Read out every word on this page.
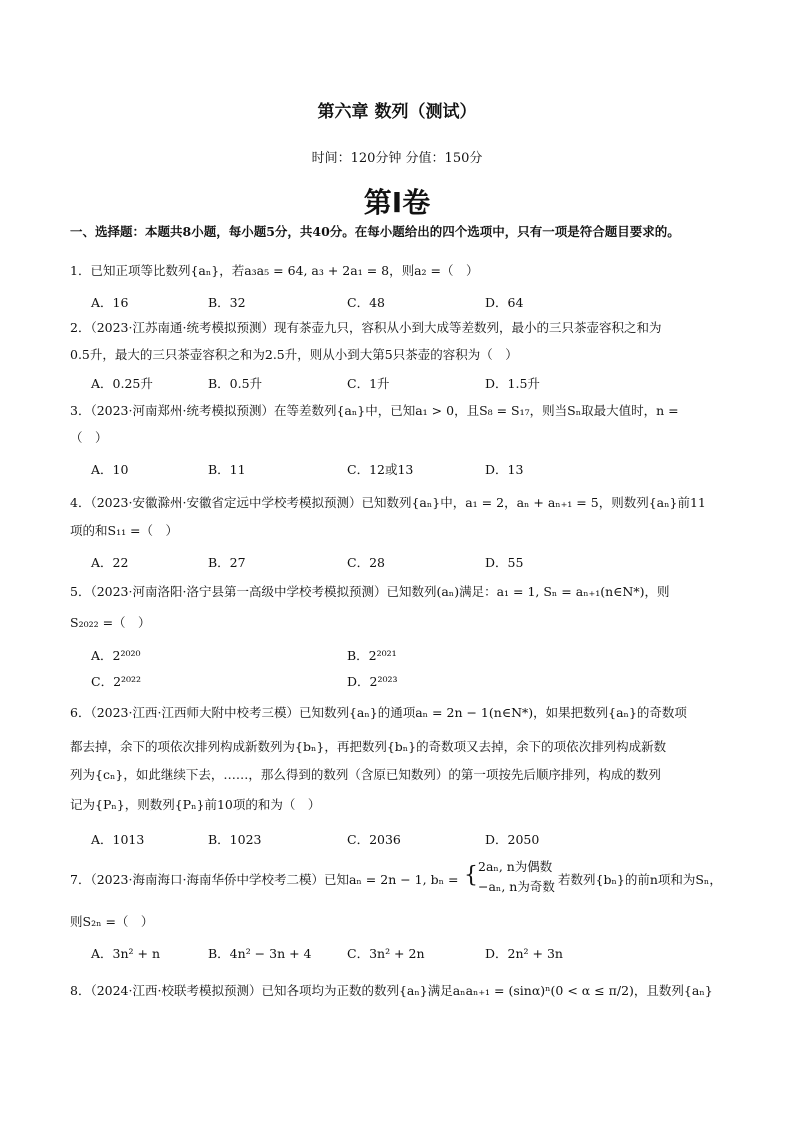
第六章 数列（测试）
时间：120分钟 分值：150分
第I卷
一、选择题：本题共8小题，每小题5分，共40分。在每小题给出的四个选项中，只有一项是符合题目要求的。
1．已知正项等比数列{aₙ}，若a₃a₅ = 64, a₃ + 2a₁ = 8，则a₂ =（　）
A．16	B．32	C．48	D．64
2．（2023·江苏南通·统考模拟预测）现有茶壶九只，容积从小到大成等差数列，最小的三只茶壶容积之和为
0.5升，最大的三只茶壶容积之和为2.5升，则从小到大第5只茶壶的容积为（　）
A．0.25升	B．0.5升	C．1升	D．1.5升
3．（2023·河南郑州·统考模拟预测）在等差数列{aₙ}中，已知a₁ > 0，且S₈ = S₁₇，则当Sₙ取最大值时，n =
（　）
A．10	B．11	C．12或13	D．13
4．（2023·安徽滁州·安徽省定远中学校考模拟预测）已知数列{aₙ}中，a₁ = 2，aₙ + aₙ₊₁ = 5，则数列{aₙ}前11
项的和S₁₁ =（　）
A．22	B．27	C．28	D．55
5．（2023·河南洛阳·洛宁县第一高级中学校考模拟预测）已知数列(aₙ)满足：a₁ = 1, Sₙ = aₙ₊₁(n∈N*)，则
S₂₀₂₂ =（　）
A．2²⁰²⁰	B．2²⁰²¹
C．2²⁰²²	D．2²⁰²³
6．（2023·江西·江西师大附中校考三模）已知数列{aₙ}的通项aₙ = 2n − 1(n∈N*)，如果把数列{aₙ}的奇数项
都去掉，余下的项依次排列构成新数列为{bₙ}，再把数列{bₙ}的奇数项又去掉，余下的项依次排列构成新数
列为{cₙ}，如此继续下去，……，那么得到的数列（含原已知数列）的第一项按先后顺序排列，构成的数列
记为{Pₙ}，则数列{Pₙ}前10项的和为（　）
A．1013	B．1023	C．2036	D．2050
7．（2023·海南海口·海南华侨中学校考二模）已知aₙ = 2n − 1, bₙ = { 2aₙ, n为偶数
−aₙ, n为奇数 若数列{bₙ}的前n项和为Sₙ，
则S₂ₙ =（　）
A．3n² + n	B．4n² − 3n + 4	C．3n² + 2n	D．2n² + 3n
8．（2024·江西·校联考模拟预测）已知各项均为正数的数列{aₙ}满足aₙaₙ₊₁ = (sinα)ⁿ(0 < α ≤ π/2)，且数列{aₙ}
